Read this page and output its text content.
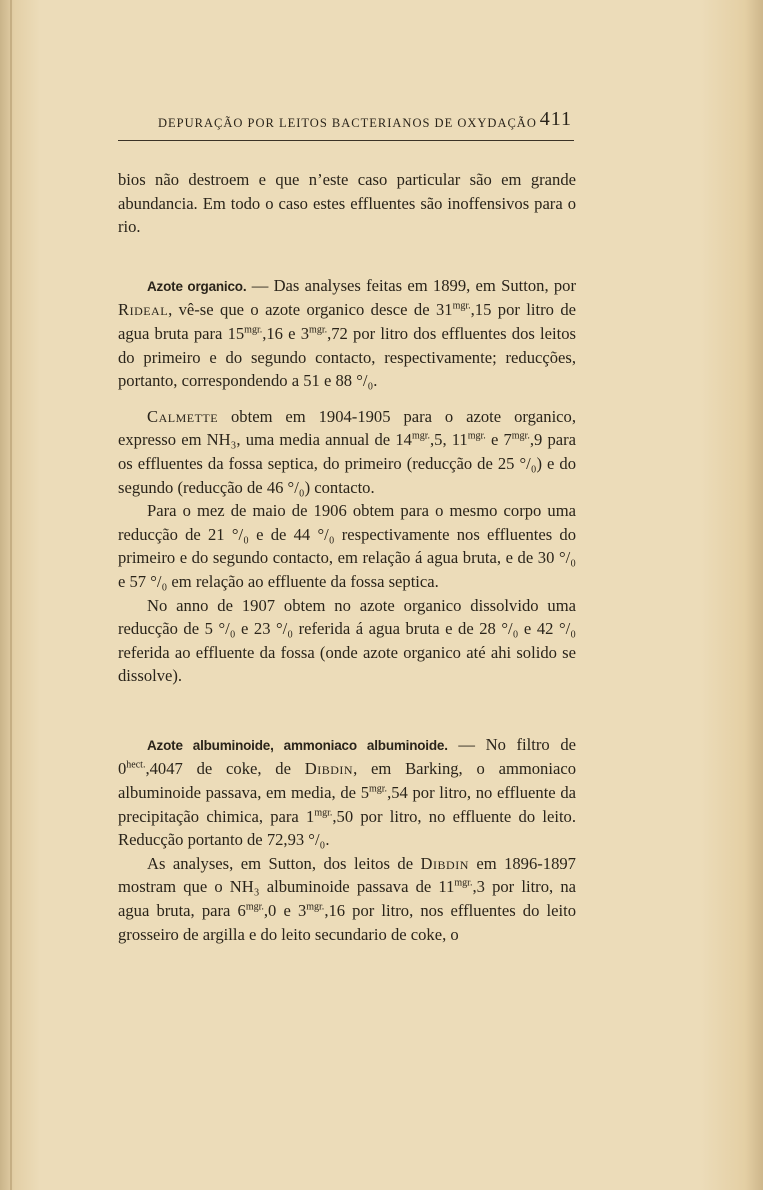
DEPURAÇÃO POR LEITOS BACTERIANOS DE OXYDAÇÃO 411

bios não destroem e que n’este caso particular são em grande abundancia. Em todo o caso estes effluentes são inoffensivos para o rio.

Azote organico. — Das analyses feitas em 1899, em Sutton, por Rideal, vê-se que o azote organico desce de $31^{mgr.},15$ por litro de agua bruta para $15^{mgr.},16$ e $3^{mgr.},72$ por litro dos effluentes dos leitos do primeiro e do segundo contacto, respectivamente; reducções, portanto, correspondendo a 51 e 88 °/₀.

Calmette obtem em 1904-1905 para o azote organico, expresso em NH₃, uma media annual de $14^{mgr.},5$, $11^{mgr.}$ e $7^{mgr.},9$ para os effluentes da fossa septica, do primeiro (reducção de 25 °/₀) e do segundo (reducção de 46 °/₀) contacto.

Para o mez de maio de 1906 obtem para o mesmo corpo uma reducção de 21 °/₀ e de 44 °/₀ respectivamente nos effluentes do primeiro e do segundo contacto, em relação á agua bruta, e de 30 °/₀ e 57 °/₀ em relação ao effluente da fossa septica.

No anno de 1907 obtem no azote organico dissolvido uma reducção de 5 °/₀ e 23 °/₀ referida á agua bruta e de 28 °/₀ e 42 °/₀ referida ao effluente da fossa (onde azote organico até ahi solido se dissolve).

Azote albuminoide, ammoniaco albuminoide. — No filtro de $0^{hect.},4047$ de coke, de Dibdin, em Barking, o ammoniaco albuminoide passava, em media, de $5^{mgr.},54$ por litro, no effluente da precipitação chimica, para $1^{mgr.},50$ por litro, no effluente do leito. Reducção portanto de 72,93 °/₀.

As analyses, em Sutton, dos leitos de Dibdin em 1896-1897 mostram que o NH₃ albuminoide passava de $11^{mgr.},3$ por litro, na agua bruta, para $6^{mgr.},0$ e $3^{mgr.},16$ por litro, nos effluentes do leito grosseiro de argilla e do leito secundario de coke, o
